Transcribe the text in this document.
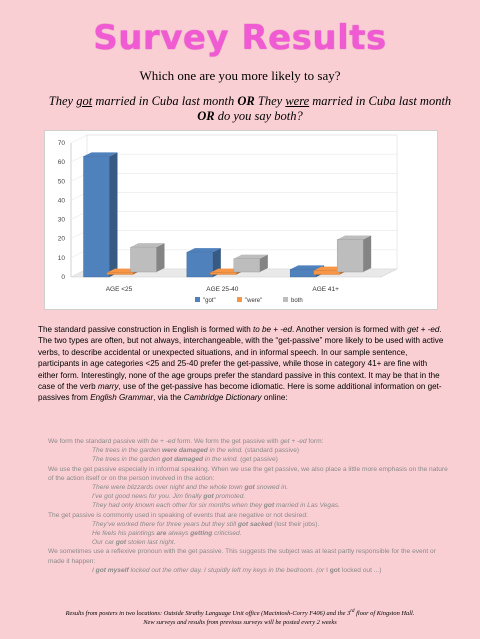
Survey Results
Which one are you more likely to say?
They got married in Cuba last month OR They were married in Cuba last month
OR do you say both?
0
10
20
30
40
50
60
70
AGE <25	AGE 25-40	AGE 41+
"got"	"were"	both
The standard passive construction in English is formed with to be + -ed. Another version is formed with get + -ed. The two types are often, but not always, interchangeable, with the “get-passive” more likely to be used with active verbs, to describe accidental or unexpected situations, and in informal speech. In our sample sentence, participants in age categories <25 and 25-40 prefer the get-passive, while those in category 41+ are fine with either form. Interestingly, none of the age groups prefer the standard passive in this context. It may be that in the case of the verb marry, use of the get-passive has become idiomatic. Here is some additional information on get-passives from English Grammar, via the Cambridge Dictionary online:
We form the standard passive with be + -ed form. We form the get passive with get + -ed form:
The trees in the garden were damaged in the wind. (standard passive)
The trees in the garden got damaged in the wind. (get passive)
We use the get passive especially in informal speaking. When we use the get passive, we also place a little more emphasis on the nature of the action itself or on the person involved in the action:
There were blizzards over night and the whole town got snowed in.
I’ve got good news for you. Jim finally got promoted.
They had only known each other for six months when they got married in Las Vegas.
The get passive is commonly used in speaking of events that are negative or not desired:
They’ve worked there for three years but they still got sacked (lost their jobs).
He feels his paintings are always getting criticised.
Our car got stolen last night.
We sometimes use a reflexive pronoun with the get passive. This suggests the subject was at least partly responsible for the event or made it happen:
I got myself locked out the other day. I stupidly left my keys in the bedroom. (or I got locked out ...)
Results from posters in two locations: Outside Strathy Language Unit office (Macintosh-Corry F406) and the 3rd floor of Kingston Hall.
New surveys and results from previous surveys will be posted every 2 weeks
